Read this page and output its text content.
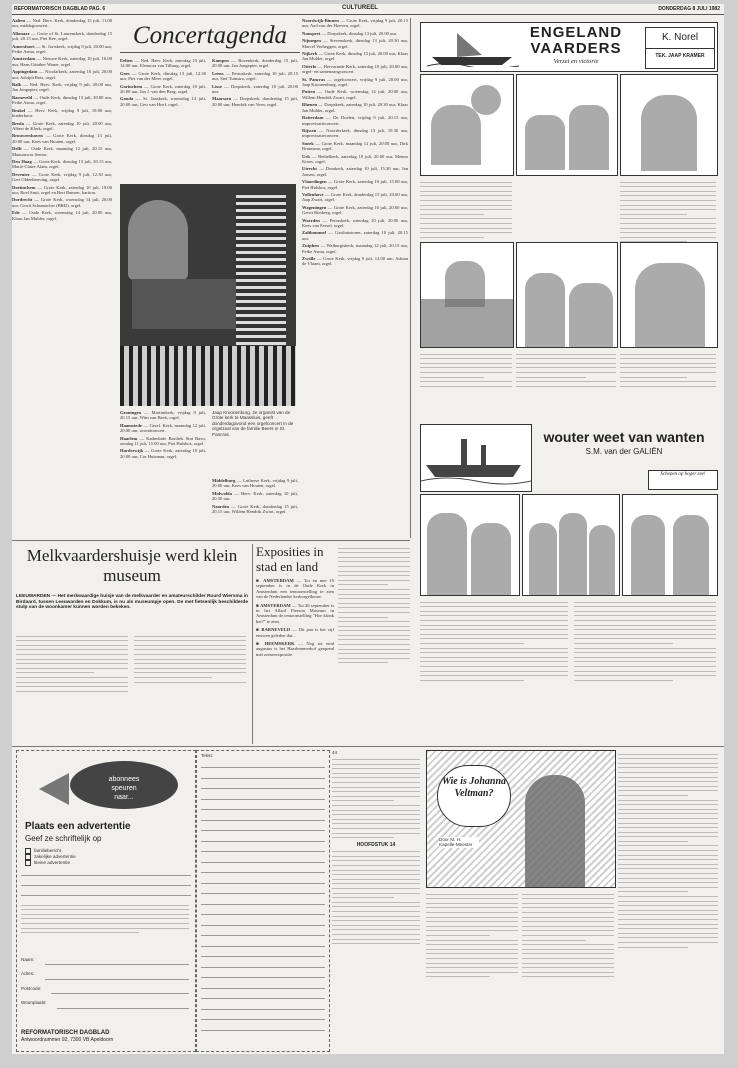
REFORMATORISCH DAGBLAD PAG. 6	CULTUREEL	DONDERDAG 8 JULI 1982
Concertagenda
Aalten — Ned. Herv. Kerk, donderdag 15 juli, 11.00 uur, middagconcert.
Alkmaar — Grote of St. Laurenskerk, donderdag 15 juli, 20.15 uur, Piet Kee, orgel.
Amersfoort — St. Joriskerk, vrijdag 9 juli, 20.00 uur, Feike Asma, orgel.
Amsterdam — Nieuwe Kerk, zaterdag 10 juli, 16.00 uur, Hans Günther Wauer, orgel.
Appingedam — Nicolaïkerk, zaterdag 10 juli, 20.00 uur, Adolph Rots, orgel.
Balk — Ned. Herv. Kerk, vrijdag 9 juli, 20.00 uur, Jan Jongepier, orgel.
Barneveld — Oude Kerk, dinsdag 13 juli, 20.00 uur, Feike Asma, orgel.
Brakel — Herv. Kerk, vrijdag 9 juli, 19.00 uur, kinderkoor.
Breda — Grote Kerk, zaterdag 10 juli, 20.00 uur, Albert de Klerk, orgel.
Brouwershaven — Grote Kerk, dinsdag 13 juli, 20.00 uur, Kees van Houten, orgel.
Delft — Oude Kerk, maandag 12 juli, 20.15 uur, Maaszuwas Sentor.
Den Haag — Grote Kerk, dinsdag 13 juli, 20.15 uur, Marie-Claire Alain, orgel.
Deventer — Grote Kerk, vrijdag 9 juli, 12.30 uur, Gert Oldenbeuving, orgel.
Doetinchem — Grote Kerk, zaterdag 10 juli, 19.00 uur, Roel Smit, orgel en Bert Rensen, bariton.
Dordrecht — Grote Kerk, woensdag 14 juli, 20.00 uur, Gerrit Schumacher (BRD), orgel.
Ede — Oude Kerk, woensdag 14 juli, 20.00 uur, Klaas Jan Mulder, orgel.
Eelten — Ned. Herv. Kerk, zaterdag 10 juli, 14.00 uur, Eleonora van Tilburg, orgel.
Goes — Grote Kerk, dinsdag 13 juli, 12.30 uur, Piet van der Meer, orgel.
Gorinchem — Grote Kerk, zaterdag 10 juli, 20.00 uur, Jan J. van den Berg, orgel.
Gouda — St. Janskerk, woensdag 14 juli, 20.00 uur, Gert van Hoef, orgel.
Kampen — Bovenkerk, donderdag 15 juli, 20.00 uur, Jan Jongepier, orgel.
Leens — Petruskerk, zaterdag 10 juli, 20.15 uur, Stef Tuinstra, orgel.
Lisse — Dorpskerk, zaterdag 10 juli, 20.00 uur.
Maarssen — Dorpskerk, donderdag 15 juli, 20.00 uur, Hendrik van Veen, orgel.
Groningen — Martinikerk, vrijdag 9 juli, 20.15 uur, Wim van Beek, orgel.
Haamstede — Geref. Kerk, maandag 12 juli, 20.00 uur, avondconcert.
Haarlem — Kathedrale Basiliek Sint Bavo, zondag 11 juli, 15.00 uur, Piet Hulsbos, orgel.
Harderwijk — Grote Kerk, zaterdag 10 juli, 20.00 uur, Cor Huisman, orgel.
Noordwijk-Binnen — Grote Kerk, vrijdag 9 juli, 20.15 uur, Aad van der Hoeven, orgel.
Nunspeet — Dorpskerk, dinsdag 13 juli, 20.00 uur.
Nijmegen — Stevenskerk, dinsdag 13 juli, 20.30 uur, Marcel Verheggen, orgel.
Nijkerk — Grote Kerk, dinsdag 13 juli, 20.00 uur, Klaas Jan Mulder, orgel.
Otterlo — Hervormde Kerk, zaterdag 10 juli, 20.00 uur, orgel- en samenzangconcert.
St. Pancras — orgelconcert, vrijdag 9 juli, 20.00 uur, Jaap Kroonenburg, orgel.
Putten — Oude Kerk, woensdag 14 juli, 20.00 uur, Willem Hendrik Zwart, orgel.
Rhenen — Dorpskerk, zaterdag 10 juli, 20.30 uur, Klaas Jan Mulder, orgel.
Rotterdam — De Doelen, vrijdag 9 juli, 20.15 uur, improvisatieconcert.
Rijssen — Noorderkerk, dinsdag 13 juli, 19.30 uur, improvisatieconcert.
Sneek — Grote Kerk, maandag 12 juli, 20.00 uur, Dirk Bruinsma, orgel.
Urk — Bethelkerk, zaterdag 10 juli, 20.00 uur, Menno Kroes, orgel.
Utrecht — Domkerk, zaterdag 10 juli, 15.30 uur, Jan Jonsen, orgel.
Vlaardingen — Grote Kerk, zaterdag 10 juli, 15.00 uur, Piet Hulsbos, orgel.
Vollenhove — Grote Kerk, donderdag 15 juli, 20.00 uur, Jaap Zwart, orgel.
Wageningen — Grote Kerk, zaterdag 10 juli, 20.00 uur, Gerrit Rietberg, orgel.
Woerden — Petruskerk, zaterdag 10 juli, 20.00 uur, Kees van Eersel, orgel.
Zaltbommel — Gasthuistoren, zaterdag 10 juli, 20.15 uur.
Zutphen — Walburgiskerk, maandag 12 juli, 20.15 uur, Feike Asma, orgel.
Zwolle — Grote Kerk, vrijdag 9 juli, 12.00 uur, Adrian de Vlaam, orgel.
Middelburg — Lutherse Kerk, vrijdag 9 juli, 20.00 uur, Kees van Houten, orgel.
Midwolda — Herv. Kerk, zaterdag 10 juli, 20.30 uur.
Naarden — Grote Kerk, donderdag 15 juli, 20.15 uur, Willem Hendrik Zwart, orgel.
Jaap Kroonenburg, 2e organist van de Grote kerk te Maassluis, geeft donderdagavond een orgelconcert in de orgelzaal van de familie Beers in St. Pancras.
ENGELAND
VAARDERS
Verzet en victorie
K. Norel
TEK. JAAP KRAMER
wouter weet van wanten
S.M. van der GALIËN
Schepen op hoger zee!
Melkvaardershuisje werd klein museum
LEEUWARDEN — Het merkwaardige huisje van de melkvaarder en amateurschilder Ruurd Wiersma in Birdaard, tussen Leeuwarden en Dokkum, is nu als museumpje open. De met fietsenlijk beschilderde stulp van de woonkamer kunnen worden bekeken.
Exposities in stad en land
■ AMSTERDAM — Tot en met 19 september is in de Oude Kerk in Amsterdam een tentoonstelling te zien van de Nederlandse kerkorgelbouw.
■ AMSTERDAM — Tot 26 september is in het Allard Pierson Museum in Amsterdam de tentoonstelling "Hoe klonk het?" te zien.
■ BARNEVELD — Dit jaar is het vijf eeuwen geleden dat...
■ HEEMSKERK — Nog tot eind augustus is het Haarlemmerhof geopend met zomerexpositie.
abonnees
speuren
naar...
Plaats een advertentie
Geef ze schriftelijk op
familiebericht
zakelijke advertentie
kleine advertentie
Naam:
Adres:
Postcode:
Woonplaats:
REFORMATORISCH DAGBLAD
Antwoordnummer 92, 7300 VB Apeldoorn
Tekst:
44
HOOFDSTUK 14
Wie is Johanna Veltman?
Door M. H. Kapelle-Meester
